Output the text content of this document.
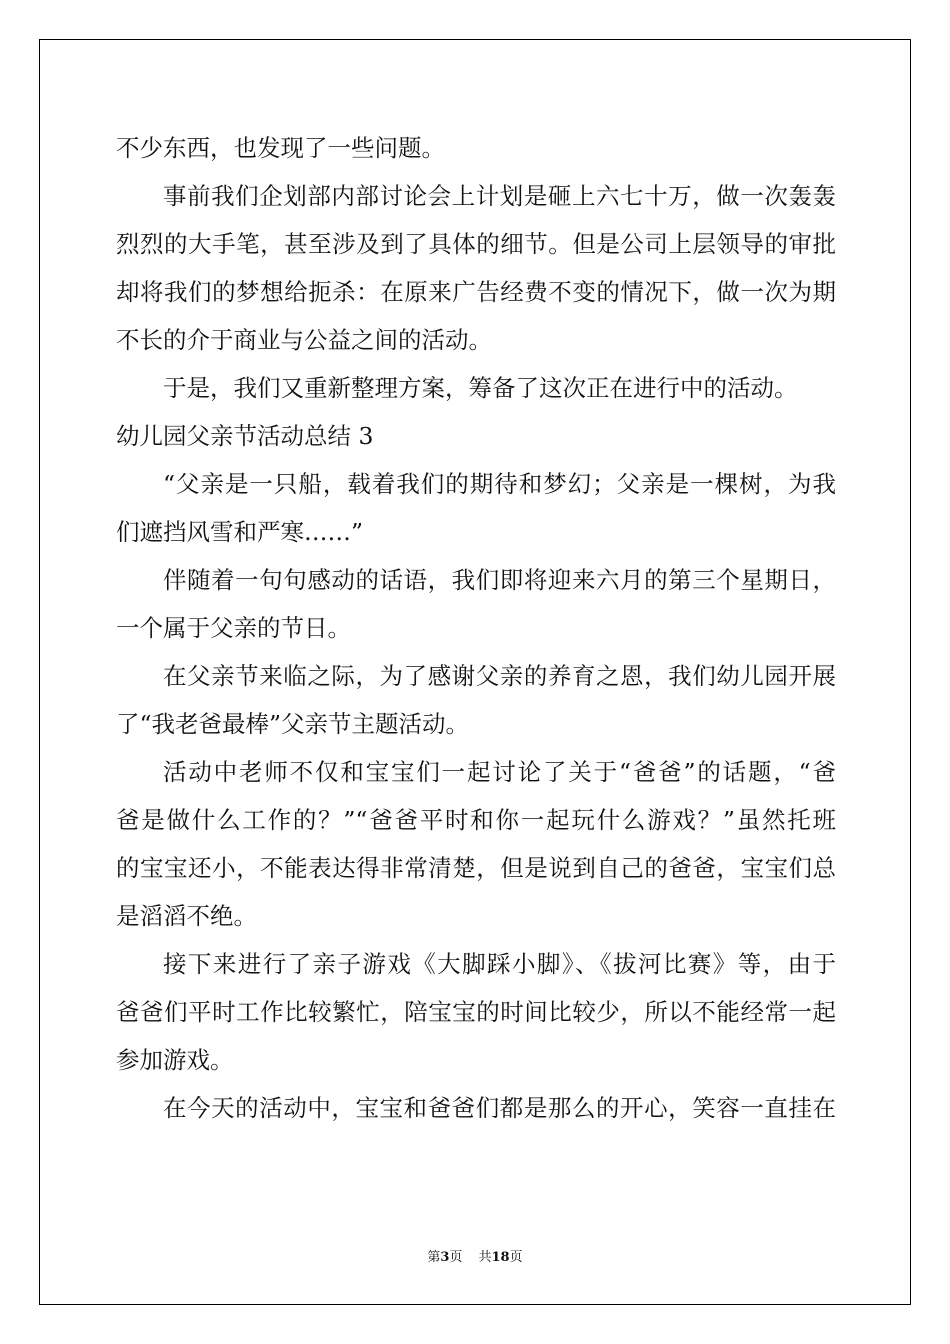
不少东西，也发现了一些问题。
事前我们企划部内部讨论会上计划是砸上六七十万，做一次轰轰
烈烈的大手笔，甚至涉及到了具体的细节。但是公司上层领导的审批
却将我们的梦想给扼杀：在原来广告经费不变的情况下，做一次为期
不长的介于商业与公益之间的活动。
于是，我们又重新整理方案，筹备了这次正在进行中的活动。
幼儿园父亲节活动总结 3
“父亲是一只船，载着我们的期待和梦幻；父亲是一棵树，为我
们遮挡风雪和严寒……”
伴随着一句句感动的话语，我们即将迎来六月的第三个星期日，
一个属于父亲的节日。
在父亲节来临之际，为了感谢父亲的养育之恩，我们幼儿园开展
了“我老爸最棒”父亲节主题活动。
活动中老师不仅和宝宝们一起讨论了关于“爸爸”的话题，“爸
爸是做什么工作的？”“爸爸平时和你一起玩什么游戏？”虽然托班
的宝宝还小，不能表达得非常清楚，但是说到自己的爸爸，宝宝们总
是滔滔不绝。
接下来进行了亲子游戏《大脚踩小脚》、《拔河比赛》等，由于
爸爸们平时工作比较繁忙，陪宝宝的时间比较少，所以不能经常一起
参加游戏。
在今天的活动中，宝宝和爸爸们都是那么的开心，笑容一直挂在
第3页 共18页
